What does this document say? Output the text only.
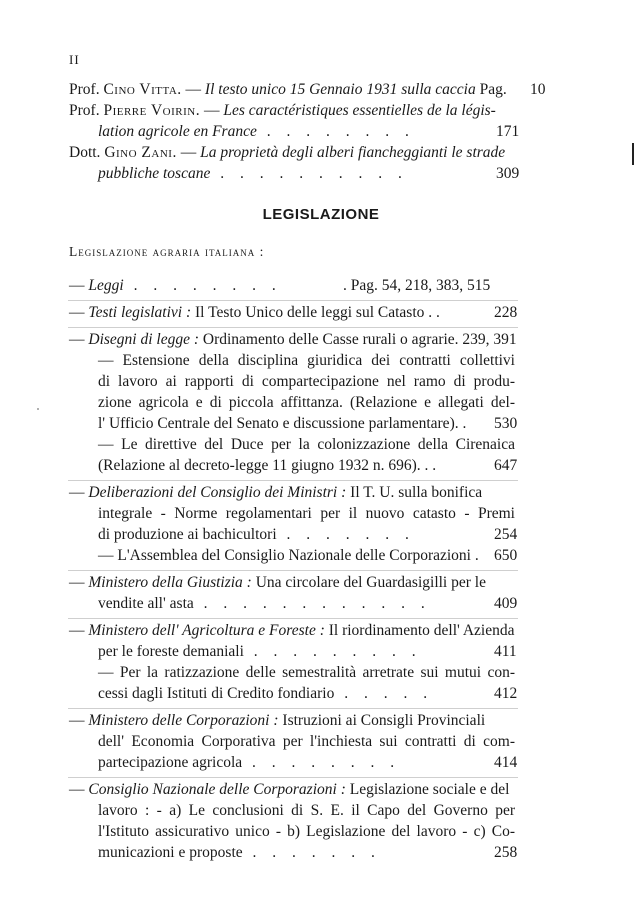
II
Prof. Cino Vitta. — Il testo unico 15 Gennaio 1931 sulla caccia Pag. 10
Prof. Pierre Voirin. — Les caractéristiques essentielles de la légis-
lation agricole en France . . . . . . . .	171
Dott. Gino Zani. — La proprietà degli alberi fiancheggianti le strade
pubbliche toscane . . . . . . . . . .	309
LEGISLAZIONE
Legislazione agraria italiana :
— Leggi . . . . . . . .	. Pag. 54, 218, 383, 515
— Testi legislativi : Il Testo Unico delle leggi sul Catasto . .	228
— Disegni di legge : Ordinamento delle Casse rurali o agrarie. 239, 391
— Estensione della disciplina giuridica dei contratti collettivi
di lavoro ai rapporti di compartecipazione nel ramo di produ-
zione agricola e di piccola affittanza. (Relazione e allegati del-
l' Ufficio Centrale del Senato e discussione parlamentare). . 530
— Le direttive del Duce per la colonizzazione della Cirenaica
(Relazione al decreto-legge 11 giugno 1932 n. 696). . .	647
— Deliberazioni del Consiglio dei Ministri : Il T. U. sulla bonifica
integrale - Norme regolamentari per il nuovo catasto - Premi
di produzione ai bachicultori . . . . . . .	254
— L'Assemblea del Consiglio Nazionale delle Corporazioni . 650
— Ministero della Giustizia : Una circolare del Guardasigilli per le
vendite all' asta . . . . . . . . . . . .	409
— Ministero dell' Agricoltura e Foreste : Il riordinamento dell' Azienda
per le foreste demaniali . . . . . . . . .	411
— Per la ratizzazione delle semestralità arretrate sui mutui con-
cessi dagli Istituti di Credito fondiario . . . . .	412
— Ministero delle Corporazioni : Istruzioni ai Consigli Provinciali
dell' Economia Corporativa per l'inchiesta sui contratti di com-
partecipazione agricola . . . . . . . .	414
— Consiglio Nazionale delle Corporazioni : Legislazione sociale e del
lavoro : - a) Le conclusioni di S. E. il Capo del Governo per
l'Istituto assicurativo unico - b) Legislazione del lavoro - c) Co-
municazioni e proposte . . . . . . .	258
